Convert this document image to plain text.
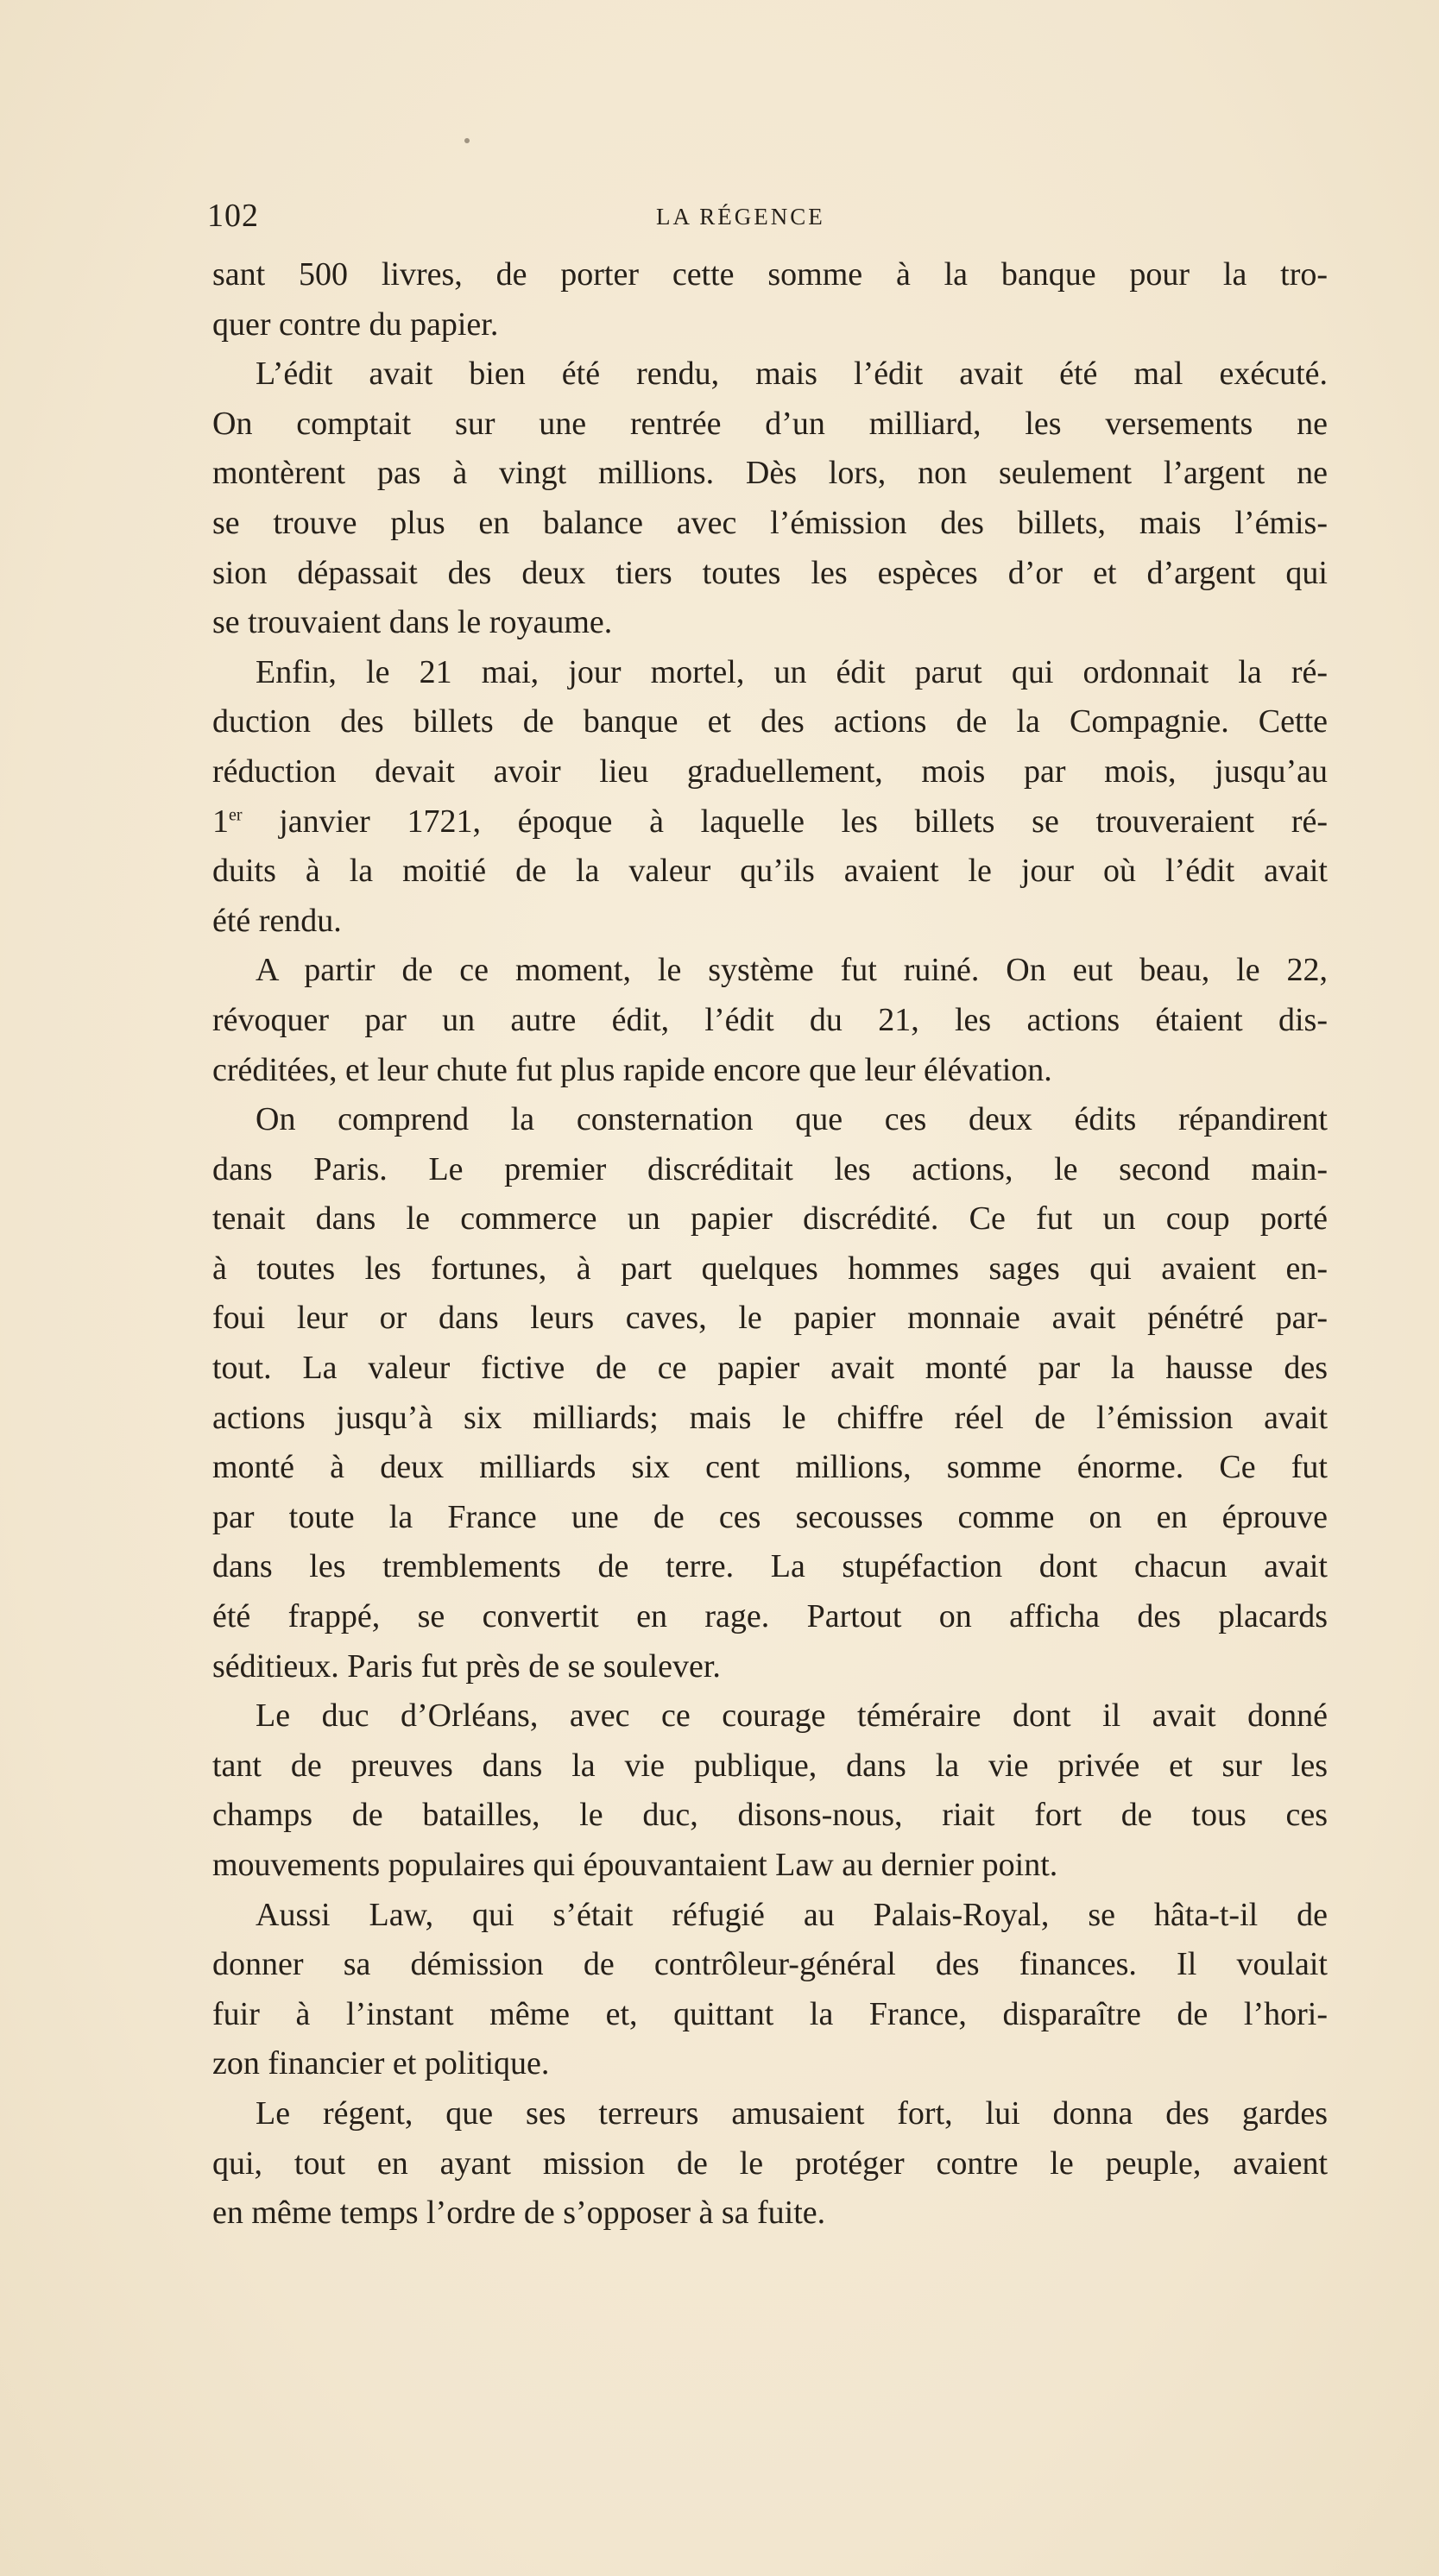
102	LA RÉGENCE
sant 500 livres, de porter cette somme à la banque pour la tro-
quer contre du papier.
L’édit avait bien été rendu, mais l’édit avait été mal exécuté.
On comptait sur une rentrée d’un milliard, les versements ne
montèrent pas à vingt millions. Dès lors, non seulement l’argent ne
se trouve plus en balance avec l’émission des billets, mais l’émis-
sion dépassait des deux tiers toutes les espèces d’or et d’argent qui
se trouvaient dans le royaume.
Enfin, le 21 mai, jour mortel, un édit parut qui ordonnait la ré-
duction des billets de banque et des actions de la Compagnie. Cette
réduction devait avoir lieu graduellement, mois par mois, jusqu’au
1er janvier 1721, époque à laquelle les billets se trouveraient ré-
duits à la moitié de la valeur qu’ils avaient le jour où l’édit avait
été rendu.
A partir de ce moment, le système fut ruiné. On eut beau, le 22,
révoquer par un autre édit, l’édit du 21, les actions étaient dis-
créditées, et leur chute fut plus rapide encore que leur élévation.
On comprend la consternation que ces deux édits répandirent
dans Paris. Le premier discréditait les actions, le second main-
tenait dans le commerce un papier discrédité. Ce fut un coup porté
à toutes les fortunes, à part quelques hommes sages qui avaient en-
foui leur or dans leurs caves, le papier monnaie avait pénétré par-
tout. La valeur fictive de ce papier avait monté par la hausse des
actions jusqu’à six milliards; mais le chiffre réel de l’émission avait
monté à deux milliards six cent millions, somme énorme. Ce fut
par toute la France une de ces secousses comme on en éprouve
dans les tremblements de terre. La stupéfaction dont chacun avait
été frappé, se convertit en rage. Partout on afficha des placards
séditieux. Paris fut près de se soulever.
Le duc d’Orléans, avec ce courage téméraire dont il avait donné
tant de preuves dans la vie publique, dans la vie privée et sur les
champs de batailles, le duc, disons-nous, riait fort de tous ces
mouvements populaires qui épouvantaient Law au dernier point.
Aussi Law, qui s’était réfugié au Palais-Royal, se hâta-t-il de
donner sa démission de contrôleur-général des finances. Il voulait
fuir à l’instant même et, quittant la France, disparaître de l’hori-
zon financier et politique.
Le régent, que ses terreurs amusaient fort, lui donna des gardes
qui, tout en ayant mission de le protéger contre le peuple, avaient
en même temps l’ordre de s’opposer à sa fuite.
